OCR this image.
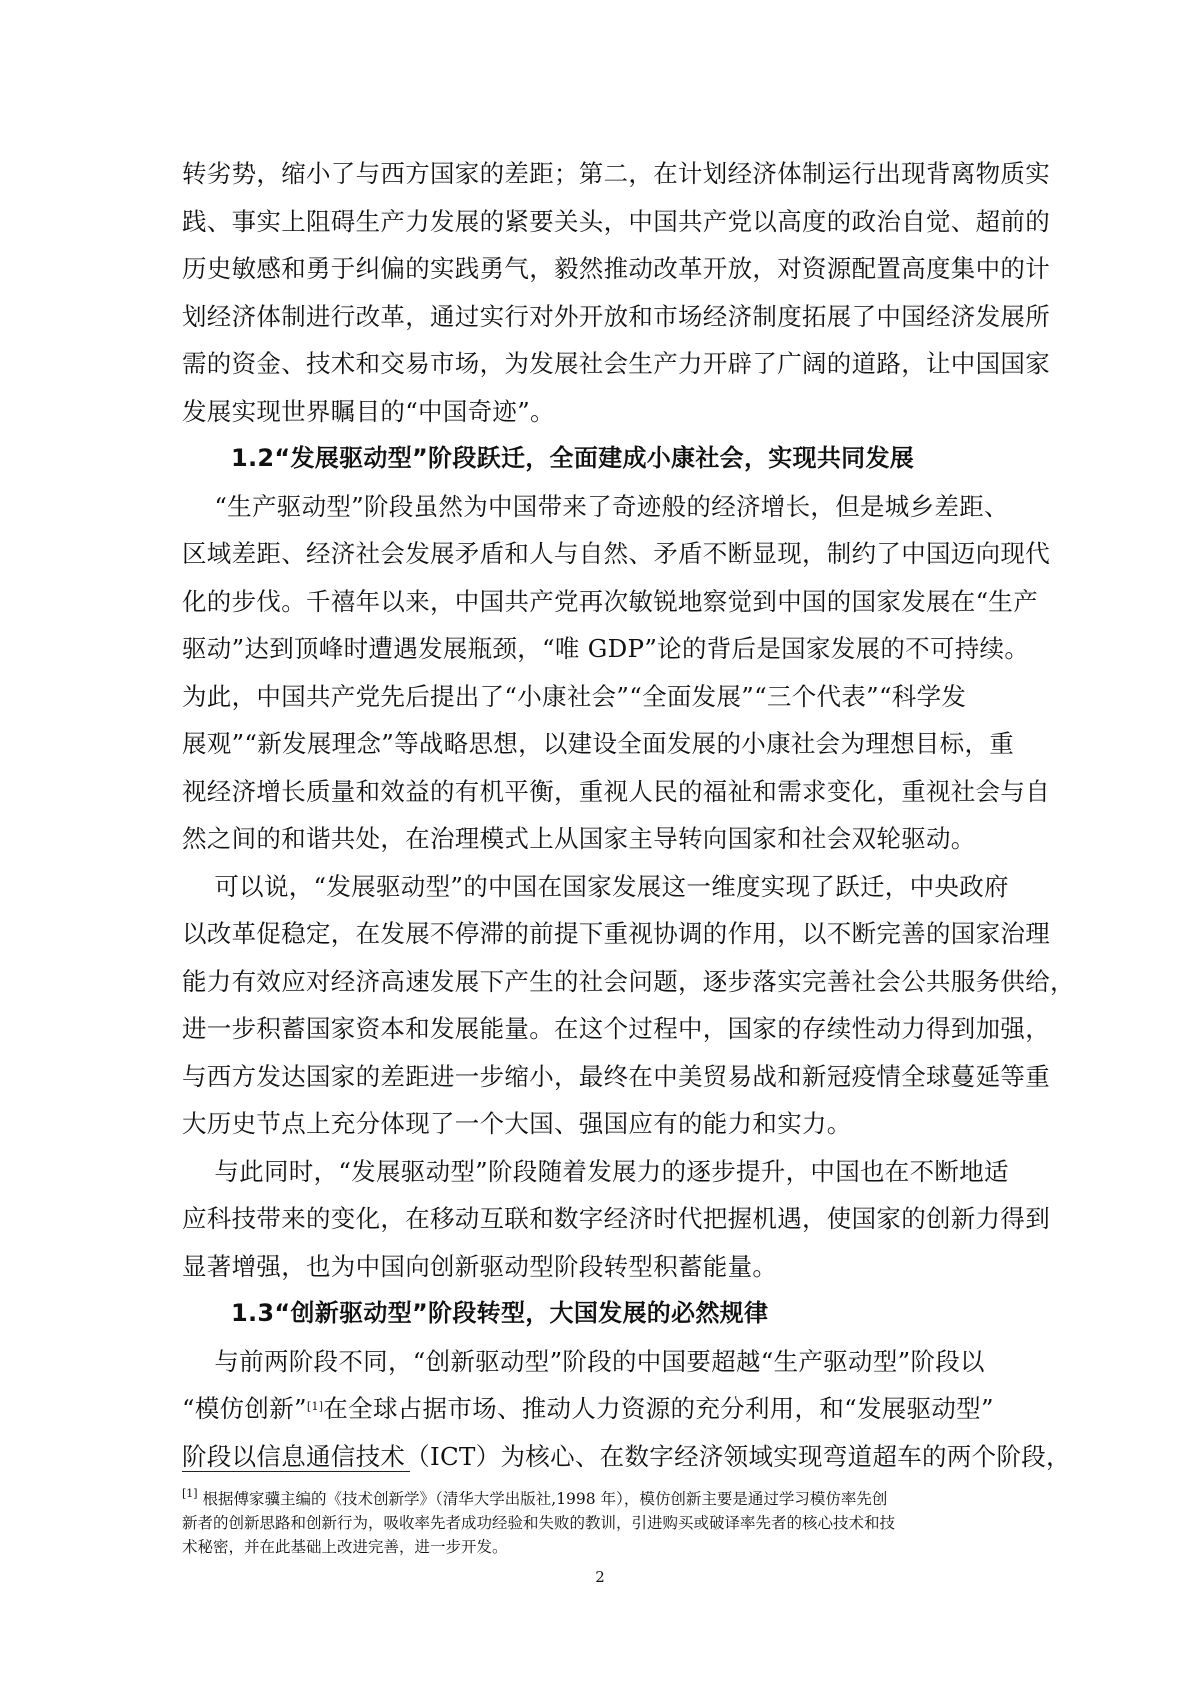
转劣势，缩小了与西方国家的差距；第二，在计划经济体制运行出现背离物质实
践、事实上阻碍生产力发展的紧要关头，中国共产党以高度的政治自觉、超前的
历史敏感和勇于纠偏的实践勇气，毅然推动改革开放，对资源配置高度集中的计
划经济体制进行改革，通过实行对外开放和市场经济制度拓展了中国经济发展所
需的资金、技术和交易市场，为发展社会生产力开辟了广阔的道路，让中国国家
发展实现世界瞩目的“中国奇迹”。
1.2“发展驱动型”阶段跃迁，全面建成小康社会，实现共同发展
“生产驱动型”阶段虽然为中国带来了奇迹般的经济增长，但是城乡差距、
区域差距、经济社会发展矛盾和人与自然、矛盾不断显现，制约了中国迈向现代
化的步伐。千禧年以来，中国共产党再次敏锐地察觉到中国的国家发展在“生产
驱动”达到顶峰时遭遇发展瓶颈，“唯 GDP”论的背后是国家发展的不可持续。
为此，中国共产党先后提出了“小康社会”“全面发展”“三个代表”“科学发
展观”“新发展理念”等战略思想，以建设全面发展的小康社会为理想目标，重
视经济增长质量和效益的有机平衡，重视人民的福祉和需求变化，重视社会与自
然之间的和谐共处，在治理模式上从国家主导转向国家和社会双轮驱动。
可以说，“发展驱动型”的中国在国家发展这一维度实现了跃迁，中央政府
以改革促稳定，在发展不停滞的前提下重视协调的作用，以不断完善的国家治理
能力有效应对经济高速发展下产生的社会问题，逐步落实完善社会公共服务供给，
进一步积蓄国家资本和发展能量。在这个过程中，国家的存续性动力得到加强，
与西方发达国家的差距进一步缩小，最终在中美贸易战和新冠疫情全球蔓延等重
大历史节点上充分体现了一个大国、强国应有的能力和实力。
与此同时，“发展驱动型”阶段随着发展力的逐步提升，中国也在不断地适
应科技带来的变化，在移动互联和数字经济时代把握机遇，使国家的创新力得到
显著增强，也为中国向创新驱动型阶段转型积蓄能量。
1.3“创新驱动型”阶段转型，大国发展的必然规律
与前两阶段不同，“创新驱动型”阶段的中国要超越“生产驱动型”阶段以
“模仿创新”[1]在全球占据市场、推动人力资源的充分利用，和“发展驱动型”
阶段以信息通信技术（ICT）为核心、在数字经济领域实现弯道超车的两个阶段，
[1] 根据傅家骥主编的《技术创新学》（清华大学出版社,1998 年），模仿创新主要是通过学习模仿率先创
新者的创新思路和创新行为，吸收率先者成功经验和失败的教训，引进购买或破译率先者的核心技术和技
术秘密，并在此基础上改进完善，进一步开发。
2
